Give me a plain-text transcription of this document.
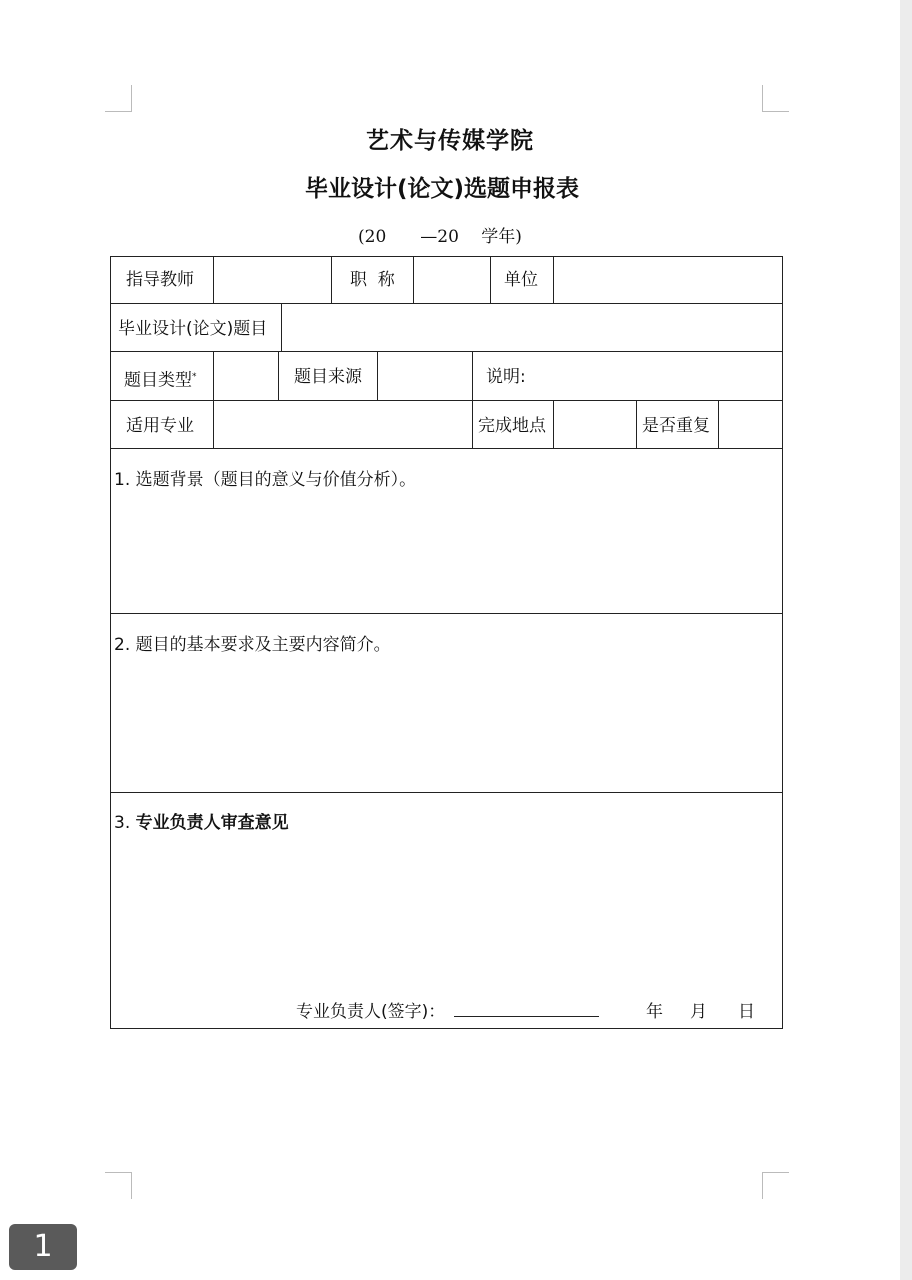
艺术与传媒学院
毕业设计(论文)选题申报表
(20　　—20　 学年)
指导教师	职  称	单位
毕业设计(论文)题目
题目类型*	题目来源	说明:
适用专业	完成地点	是否重复
1. 选题背景（题目的意义与价值分析）。
2. 题目的基本要求及主要内容简介。
3. 专业负责人审查意见
专业负责人(签字)：	年 月 日
1
